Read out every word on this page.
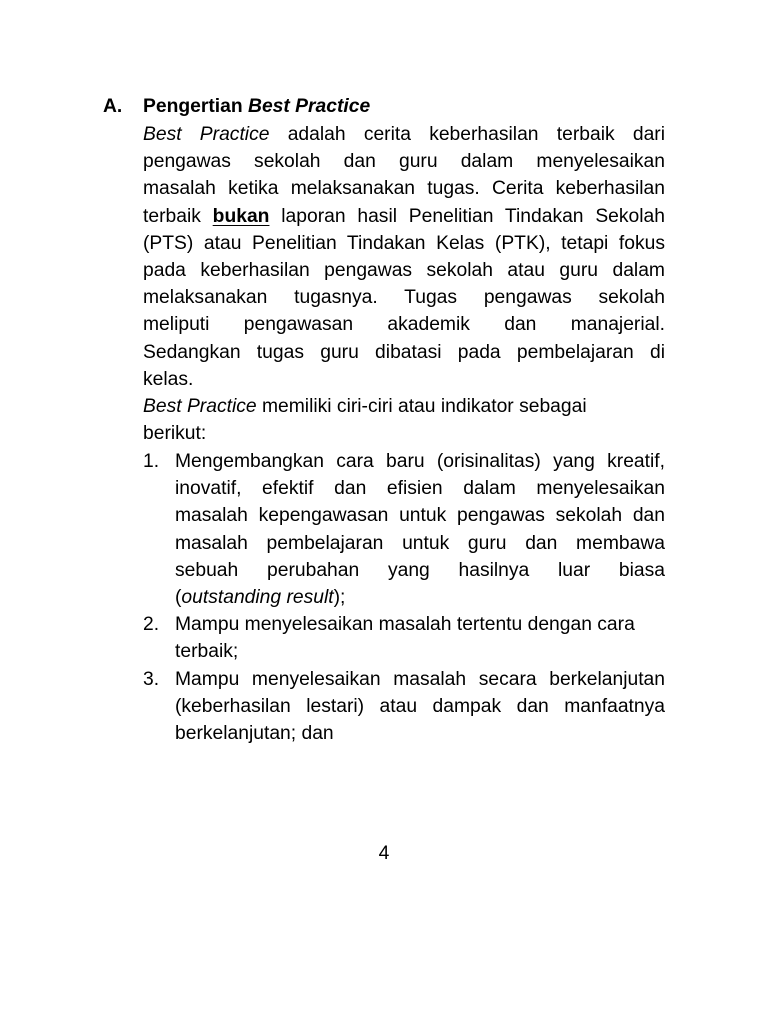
A. Pengertian Best Practice
Best Practice adalah cerita keberhasilan terbaik dari
pengawas sekolah dan guru dalam menyelesaikan
masalah ketika melaksanakan tugas. Cerita keberhasilan
terbaik bukan laporan hasil Penelitian Tindakan Sekolah
(PTS) atau Penelitian Tindakan Kelas (PTK), tetapi fokus
pada keberhasilan pengawas sekolah atau guru dalam
melaksanakan tugasnya. Tugas pengawas sekolah
meliputi pengawasan akademik dan manajerial.
Sedangkan tugas guru dibatasi pada pembelajaran di
kelas.
Best Practice memiliki ciri-ciri atau indikator sebagai
berikut:
1. Mengembangkan cara baru (orisinalitas) yang kreatif,
inovatif, efektif dan efisien dalam menyelesaikan
masalah kepengawasan untuk pengawas sekolah dan
masalah pembelajaran untuk guru dan membawa
sebuah perubahan yang hasilnya luar biasa
(outstanding result);
2. Mampu menyelesaikan masalah tertentu dengan cara
terbaik;
3. Mampu menyelesaikan masalah secara berkelanjutan
(keberhasilan lestari) atau dampak dan manfaatnya
berkelanjutan; dan
4
